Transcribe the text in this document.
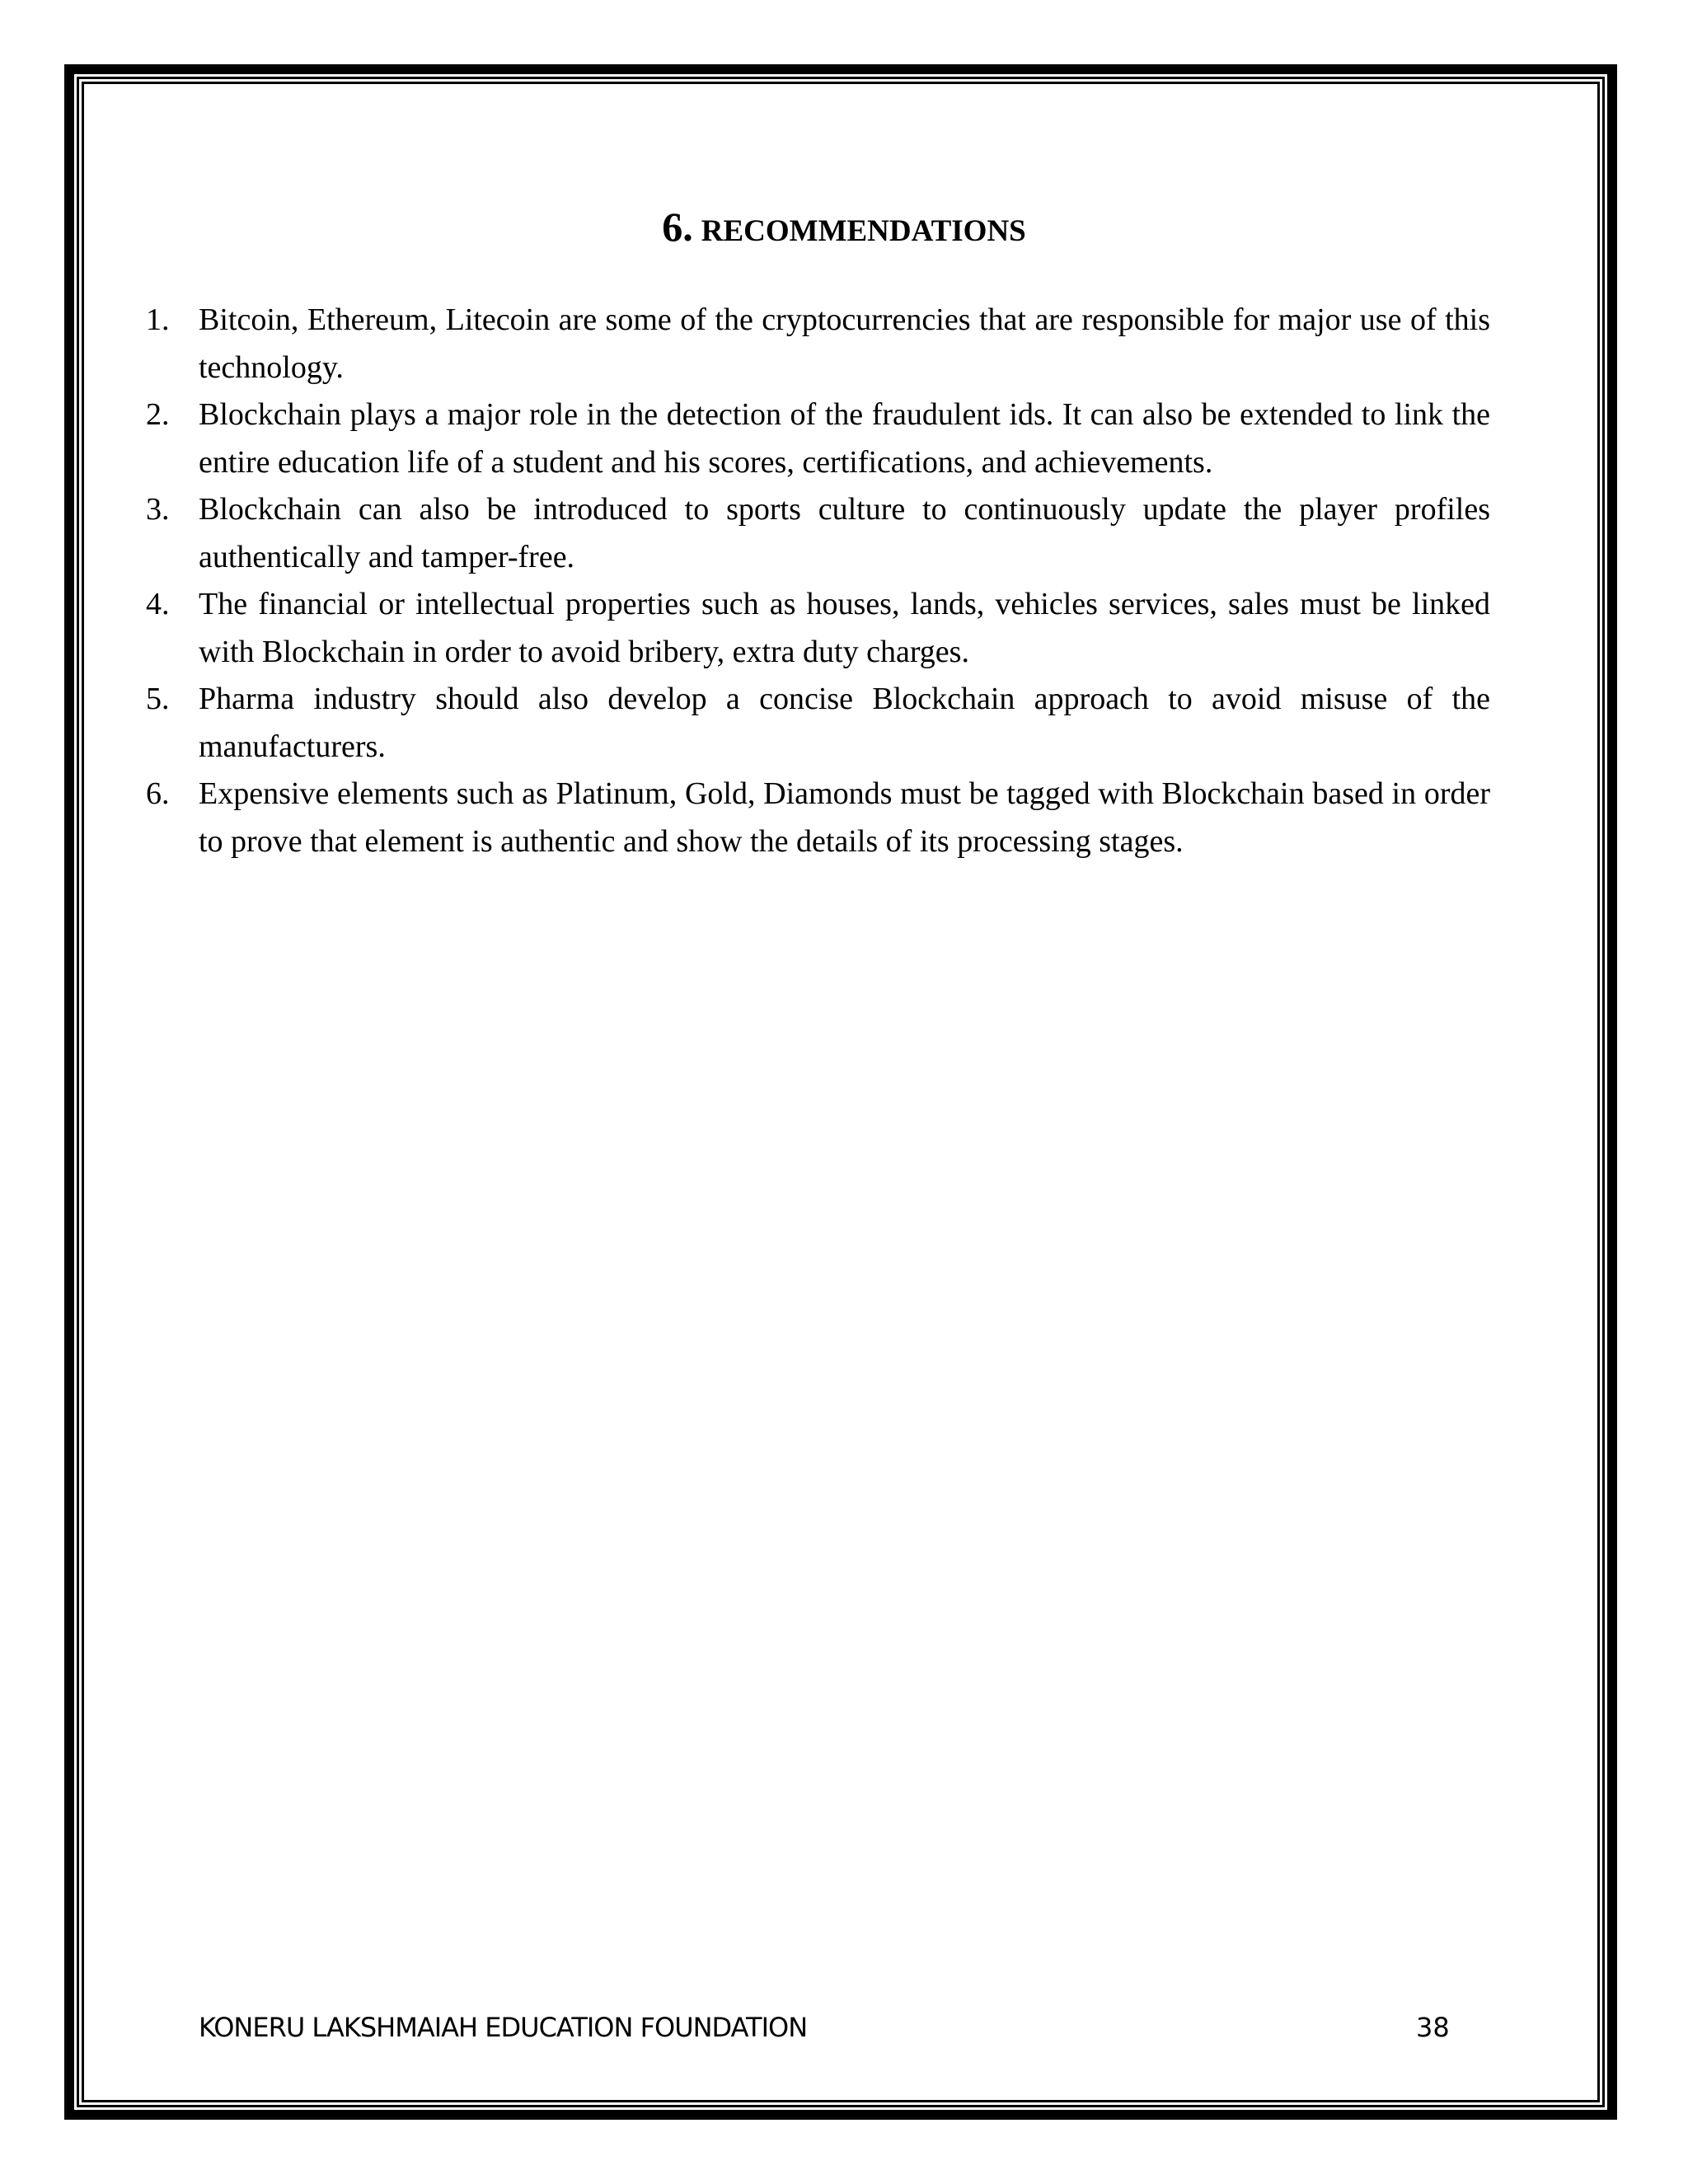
6. RECOMMENDATIONS
1. Bitcoin, Ethereum, Litecoin are some of the cryptocurrencies that are responsible for major use of this technology.
2. Blockchain plays a major role in the detection of the fraudulent ids. It can also be extended to link the entire education life of a student and his scores, certifications, and achievements.
3. Blockchain can also be introduced to sports culture to continuously update the player profiles authentically and tamper-free.
4. The financial or intellectual properties such as houses, lands, vehicles services, sales must be linked with Blockchain in order to avoid bribery, extra duty charges.
5. Pharma industry should also develop a concise Blockchain approach to avoid misuse of the manufacturers.
6. Expensive elements such as Platinum, Gold, Diamonds must be tagged with Blockchain based in order to prove that element is authentic and show the details of its processing stages.
KONERU LAKSHMAIAH EDUCATION FOUNDATION	38
